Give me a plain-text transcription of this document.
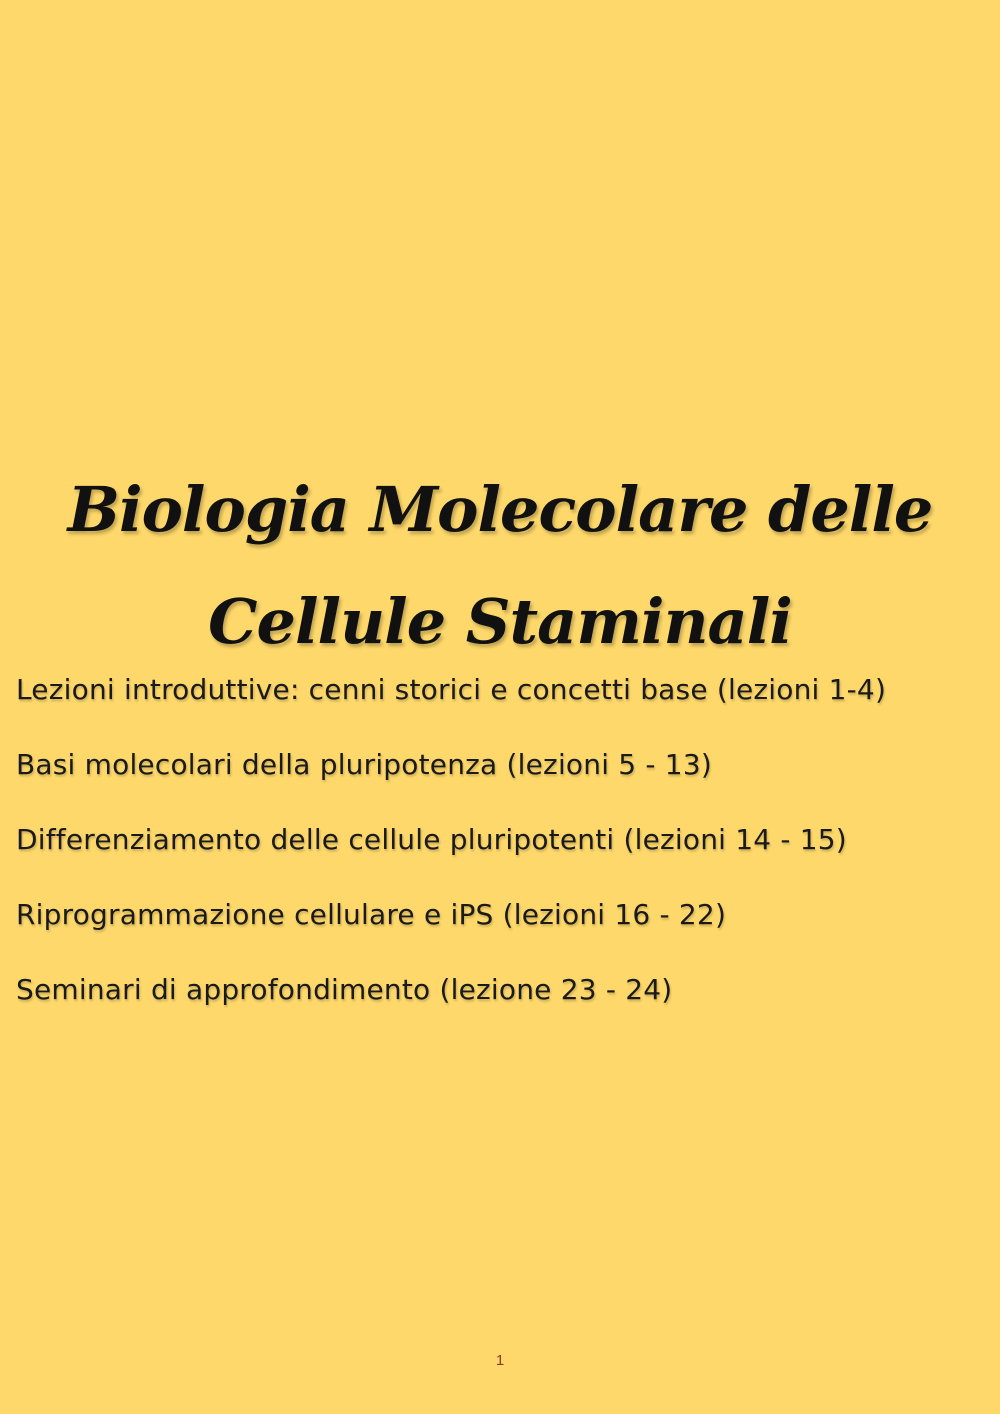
Biologia Molecolare delle
Cellule Staminali
Lezioni introduttive: cenni storici e concetti base (lezioni 1-4)
Basi molecolari della pluripotenza (lezioni 5 - 13)
Differenziamento delle cellule pluripotenti (lezioni 14 - 15)
Riprogrammazione cellulare e iPS (lezioni 16 - 22)
Seminari di approfondimento (lezione 23 - 24)
1
